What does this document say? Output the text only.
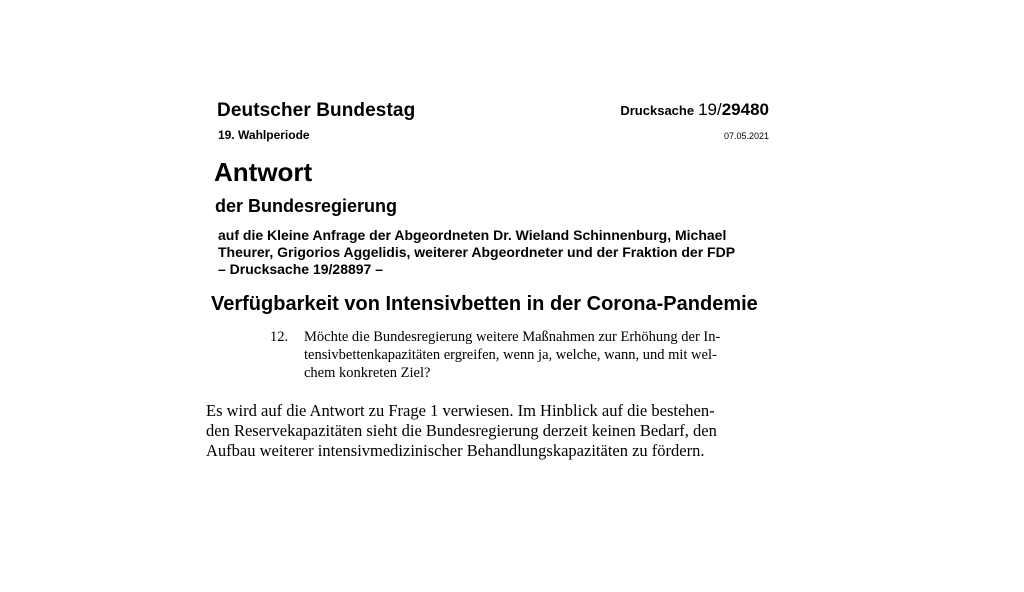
Deutscher Bundestag
19. Wahlperiode
Drucksache 19/29480
07.05.2021
Antwort
der Bundesregierung
auf die Kleine Anfrage der Abgeordneten Dr. Wieland Schinnenburg, Michael
Theurer, Grigorios Aggelidis, weiterer Abgeordneter und der Fraktion der FDP
– Drucksache 19/28897 –
Verfügbarkeit von Intensivbetten in der Corona-Pandemie
12. Möchte die Bundesregierung weitere Maßnahmen zur Erhöhung der In-
tensivbettenkapazitäten ergreifen, wenn ja, welche, wann, und mit wel-
chem konkreten Ziel?
Es wird auf die Antwort zu Frage 1 verwiesen. Im Hinblick auf die bestehen-
den Reservekapazitäten sieht die Bundesregierung derzeit keinen Bedarf, den
Aufbau weiterer intensivmedizinischer Behandlungskapazitäten zu fördern.
